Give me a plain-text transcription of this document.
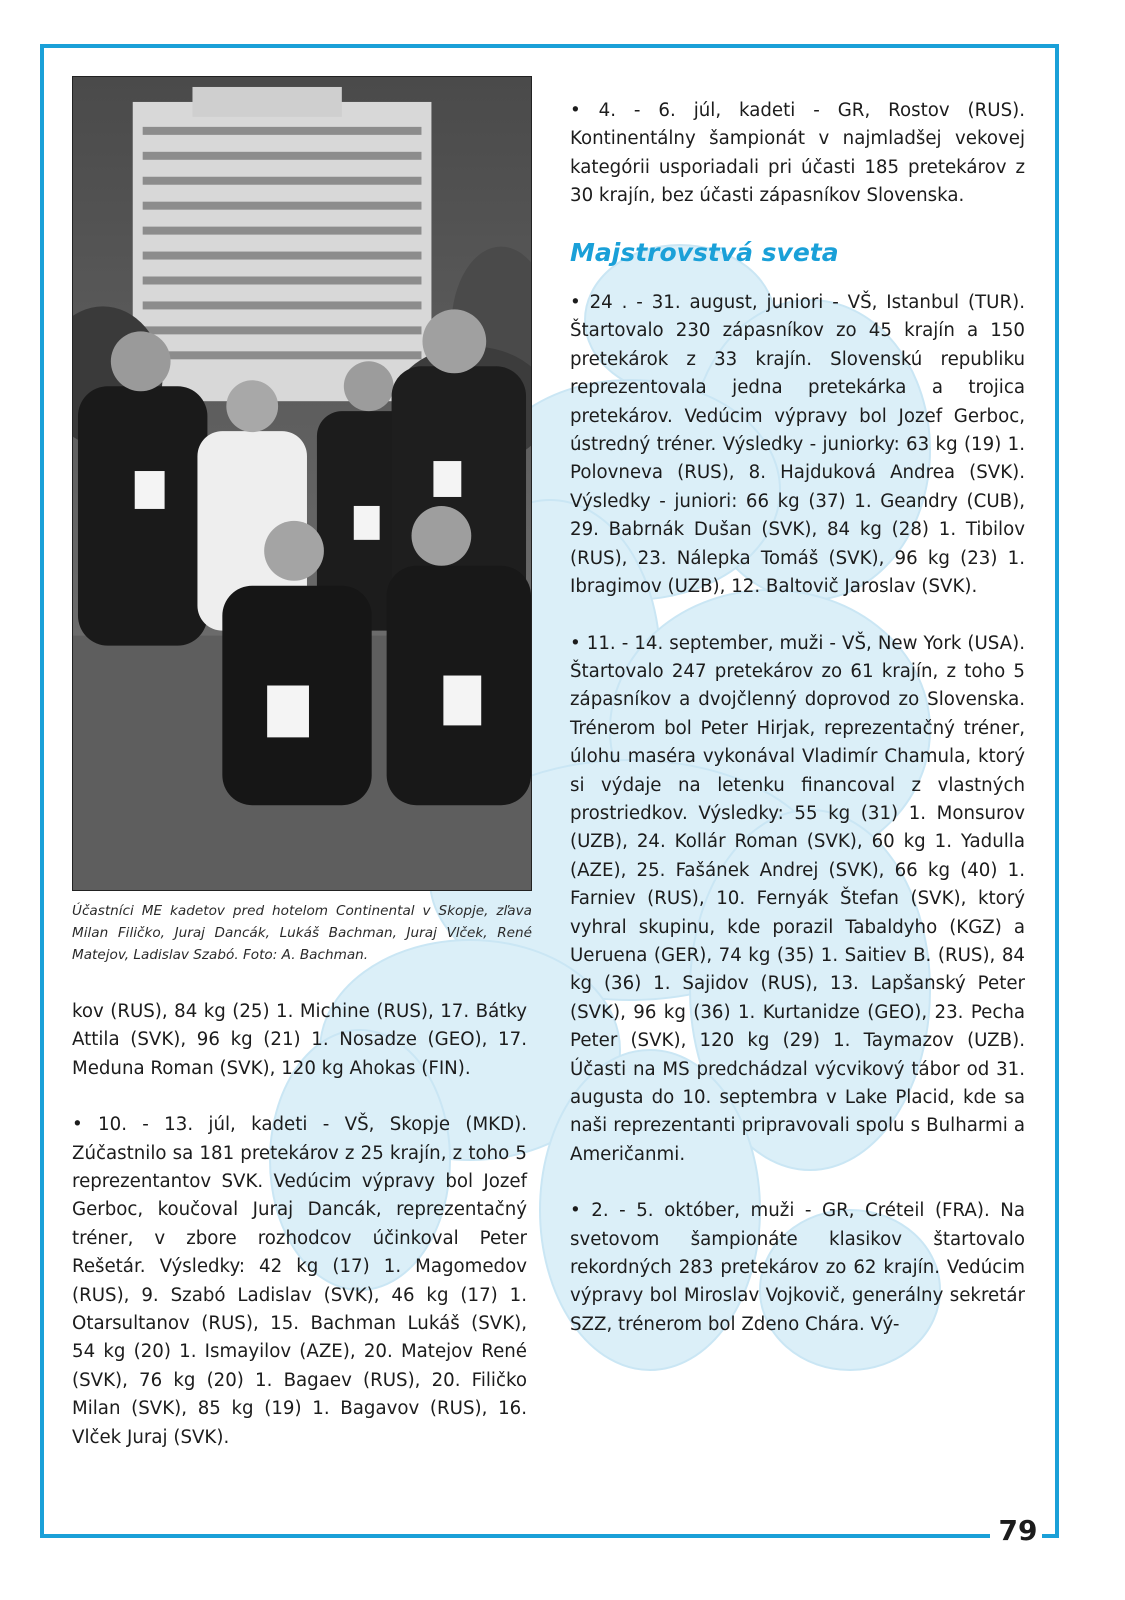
79
Účastníci ME kadetov pred hotelom Continental v Skopje, zľava Milan Filičko, Juraj Dancák, Lukáš Bachman, Juraj Vlček, René Matejov, Ladislav Szabó. Foto: A. Bachman.

kov (RUS), 84 kg (25) 1. Michine (RUS), 17. Bátky Attila (SVK), 96 kg (21) 1. Nosadze (GEO), 17. Meduna Roman (SVK), 120 kg Ahokas (FIN).

• 10. - 13. júl, kadeti - VŠ, Skopje (MKD). Zúčastnilo sa 181 pretekárov z 25 krajín, z toho 5 reprezentantov SVK. Vedúcim výpravy bol Jozef Gerboc, koučoval Juraj Dancák, reprezentačný tréner, v zbore rozhodcov účinkoval Peter Rešetár. Výsledky: 42 kg (17) 1. Magomedov (RUS), 9. Szabó Ladislav (SVK), 46 kg (17) 1. Otarsultanov (RUS), 15. Bachman Lukáš (SVK), 54 kg (20) 1. Ismayilov (AZE), 20. Matejov René (SVK), 76 kg (20) 1. Bagaev (RUS), 20. Filičko Milan (SVK), 85 kg (19) 1. Bagavov (RUS), 16. Vlček Juraj (SVK).

• 4. - 6. júl, kadeti - GR, Rostov (RUS). Kontinentálny šampionát v najmladšej vekovej kategórii usporiadali pri účasti 185 pretekárov z 30 krajín, bez účasti zápasníkov Slovenska.

Majstrovstvá sveta

• 24 . - 31. august, juniori - VŠ, Istanbul (TUR). Štartovalo 230 zápasníkov zo 45 krajín a 150 pretekárok z 33 krajín. Slovenskú republiku reprezentovala jedna pretekárka a trojica pretekárov. Vedúcim výpravy bol Jozef Gerboc, ústredný tréner. Výsledky - juniorky: 63 kg (19) 1. Polovneva (RUS), 8. Hajduková Andrea (SVK). Výsledky - juniori: 66 kg (37) 1. Geandry (CUB), 29. Babrnák Dušan (SVK), 84 kg (28) 1. Tibilov (RUS), 23. Nálepka Tomáš (SVK), 96 kg (23) 1. Ibragimov (UZB), 12. Baltovič Jaroslav (SVK).

• 11. - 14. september, muži - VŠ, New York (USA). Štartovalo 247 pretekárov zo 61 krajín, z toho 5 zápasníkov a dvojčlenný doprovod zo Slovenska. Trénerom bol Peter Hirjak, reprezentačný tréner, úlohu maséra vykonával Vladimír Chamula, ktorý si výdaje na letenku financoval z vlastných prostriedkov. Výsledky: 55 kg (31) 1. Monsurov (UZB), 24. Kollár Roman (SVK), 60 kg 1. Yadulla (AZE), 25. Fašánek Andrej (SVK), 66 kg (40) 1. Farniev (RUS), 10. Fernyák Štefan (SVK), ktorý vyhral skupinu, kde porazil Tabaldyho (KGZ) a Ueruena (GER), 74 kg (35) 1. Saitiev B. (RUS), 84 kg (36) 1. Sajidov (RUS), 13. Lapšanský Peter (SVK), 96 kg (36) 1. Kurtanidze (GEO), 23. Pecha Peter (SVK), 120 kg (29) 1. Taymazov (UZB). Účasti na MS predchádzal výcvikový tábor od 31. augusta do 10. septembra v Lake Placid, kde sa naši reprezentanti pripravovali spolu s Bulharmi a Američanmi.

• 2. - 5. október, muži - GR, Créteil (FRA). Na svetovom šampionáte klasikov štartovalo rekordných 283 pretekárov zo 62 krajín. Vedúcim výpravy bol Miroslav Vojkovič, generálny sekretár SZZ, trénerom bol Zdeno Chára. Vý-
